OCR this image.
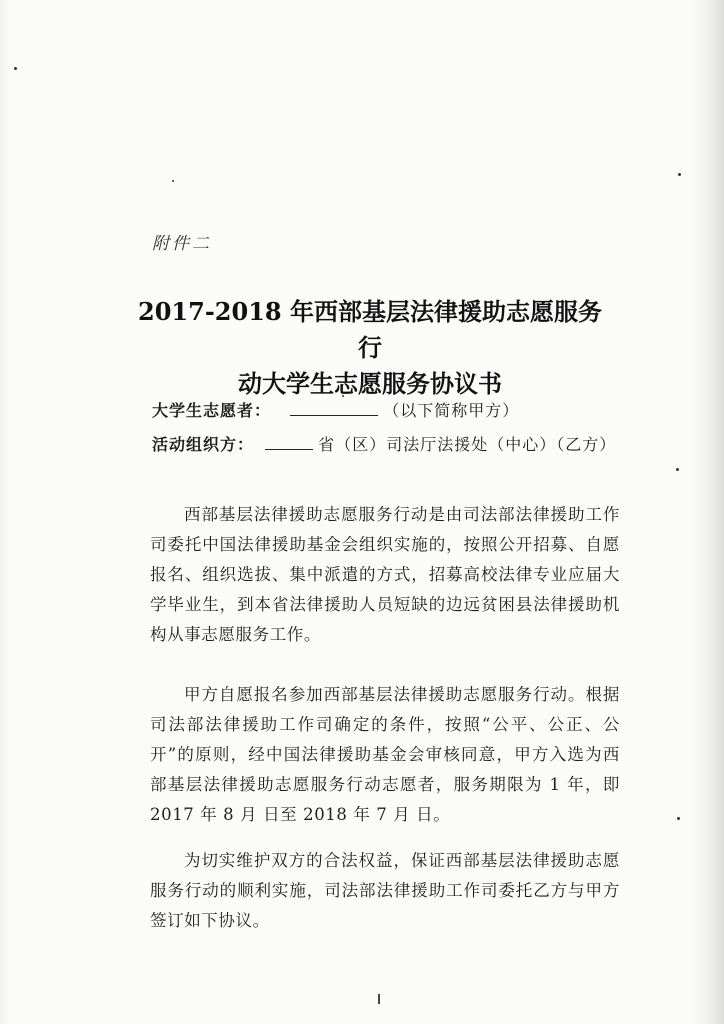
附件二
2017-2018 年西部基层法律援助志愿服务行
动大学生志愿服务协议书
大学生志愿者：	（以下简称甲方）
活动组织方：	省（区）司法厅法援处（中心）（乙方）
西部基层法律援助志愿服务行动是由司法部法律援助工作司委托中国法律援助基金会组织实施的，按照公开招募、自愿报名、组织选拔、集中派遣的方式，招募高校法律专业应届大学毕业生，到本省法律援助人员短缺的边远贫困县法律援助机构从事志愿服务工作。
甲方自愿报名参加西部基层法律援助志愿服务行动。根据司法部法律援助工作司确定的条件，按照“公平、公正、公开”的原则，经中国法律援助基金会审核同意，甲方入选为西部基层法律援助志愿服务行动志愿者，服务期限为 1 年，即 2017 年 8 月 日至 2018 年 7 月 日。
为切实维护双方的合法权益，保证西部基层法律援助志愿服务行动的顺利实施，司法部法律援助工作司委托乙方与甲方签订如下协议。
